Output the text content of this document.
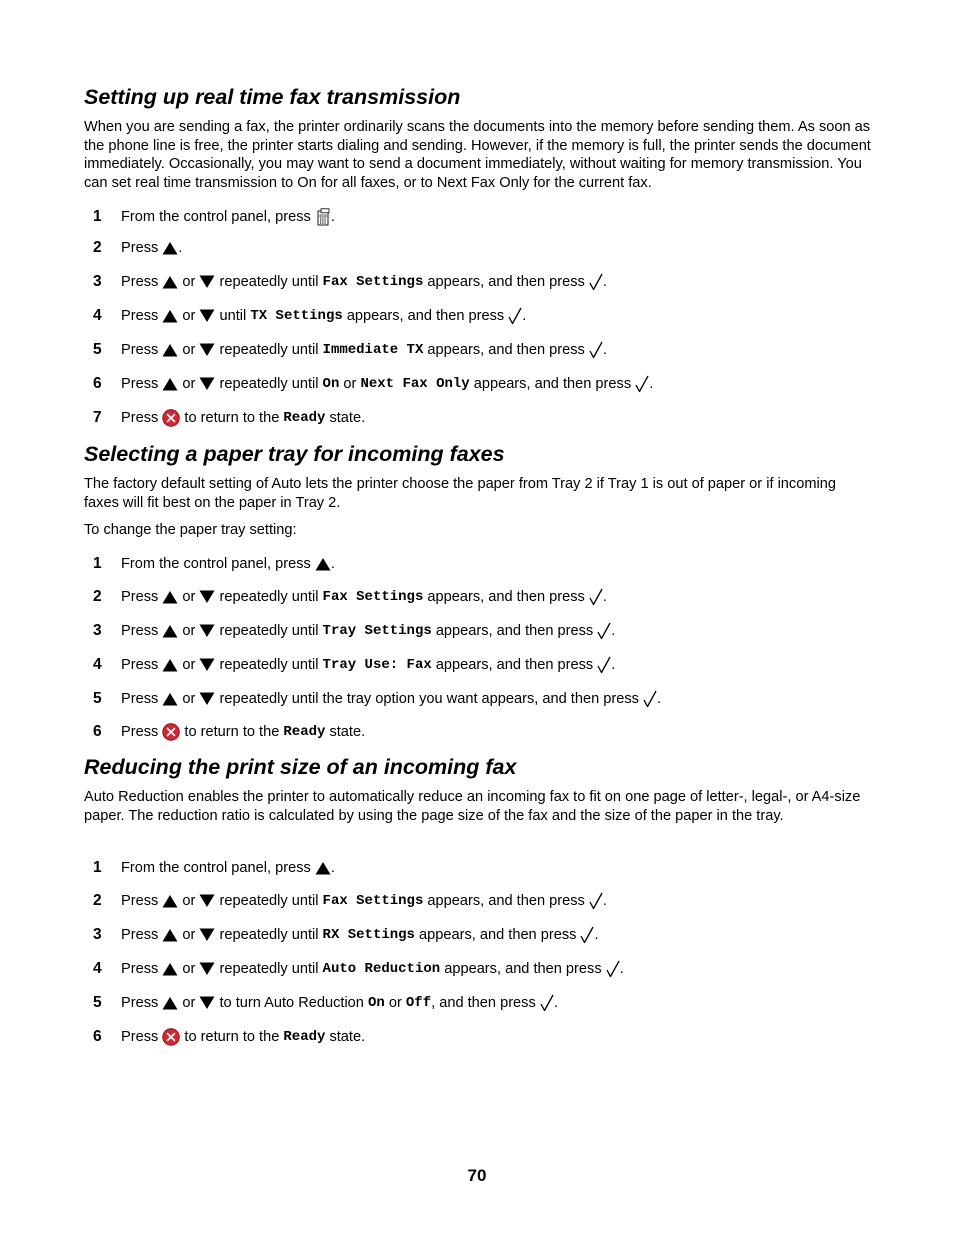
Setting up real time fax transmission

When you are sending a fax, the printer ordinarily scans the documents into the memory before sending them. As soon as the phone line is free, the printer starts dialing and sending. However, if the memory is full, the printer sends the document immediately. Occasionally, you may want to send a document immediately, without waiting for memory transmission. You can set real time transmission to On for all faxes, or to Next Fax Only for the current fax.

1	From the control panel, press .
2	Press .
3	Press or repeatedly until Fax Settings appears, and then press .
4	Press or until TX Settings appears, and then press .
5	Press or repeatedly until Immediate TX appears, and then press .
6	Press or repeatedly until On or Next Fax Only appears, and then press .
7	Press to return to the Ready state.
Selecting a paper tray for incoming faxes

The factory default setting of Auto lets the printer choose the paper from Tray 2 if Tray 1 is out of paper or if incoming faxes will fit best on the paper in Tray 2.

To change the paper tray setting:

1	From the control panel, press .
2	Press or repeatedly until Fax Settings appears, and then press .
3	Press or repeatedly until Tray Settings appears, and then press .
4	Press or repeatedly until Tray Use: Fax appears, and then press .
5	Press or repeatedly until the tray option you want appears, and then press .
6	Press to return to the Ready state.
Reducing the print size of an incoming fax

Auto Reduction enables the printer to automatically reduce an incoming fax to fit on one page of letter-, legal-, or A4-size paper. The reduction ratio is calculated by using the page size of the fax and the size of the paper in the tray.

1	From the control panel, press .
2	Press or repeatedly until Fax Settings appears, and then press .
3	Press or repeatedly until RX Settings appears, and then press .
4	Press or repeatedly until Auto Reduction appears, and then press .
5	Press or to turn Auto Reduction On or Off , and then press .
6	Press to return to the Ready state.
70
